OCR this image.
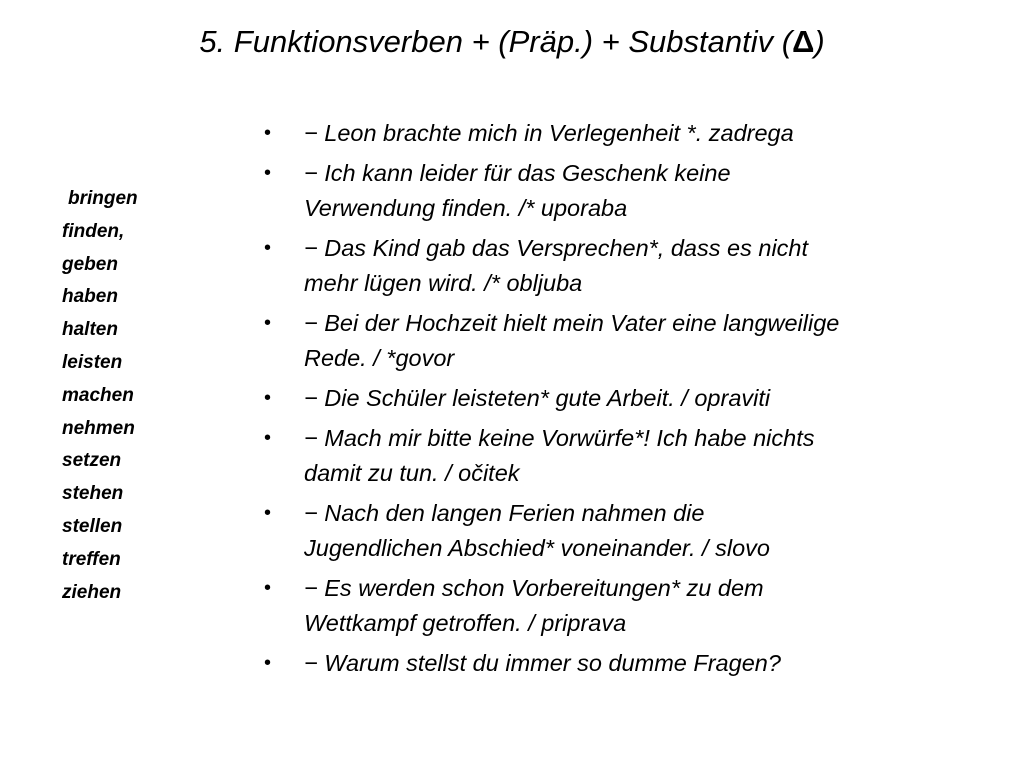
5. Funktionsverben + (Präp.) + Substantiv (Δ)
bringen
finden,
geben
haben
halten
leisten
machen
nehmen
setzen
stehen
stellen
treffen
ziehen
• − Leon brachte mich in Verlegenheit *. zadrega
• − Ich kann leider für das Geschenk keine
Verwendung finden. /* uporaba
• − Das Kind gab das Versprechen*, dass es nicht
mehr lügen wird. /* obljuba
• − Bei der Hochzeit hielt mein Vater eine langweilige
Rede. / *govor
• − Die Schüler leisteten* gute Arbeit. / opraviti
• − Mach mir bitte keine Vorwürfe*! Ich habe nichts
damit zu tun. / očitek
• − Nach den langen Ferien nahmen die
Jugendlichen Abschied* voneinander. / slovo
• − Es werden schon Vorbereitungen* zu dem
Wettkampf getroffen. / priprava
• − Warum stellst du immer so dumme Fragen?
